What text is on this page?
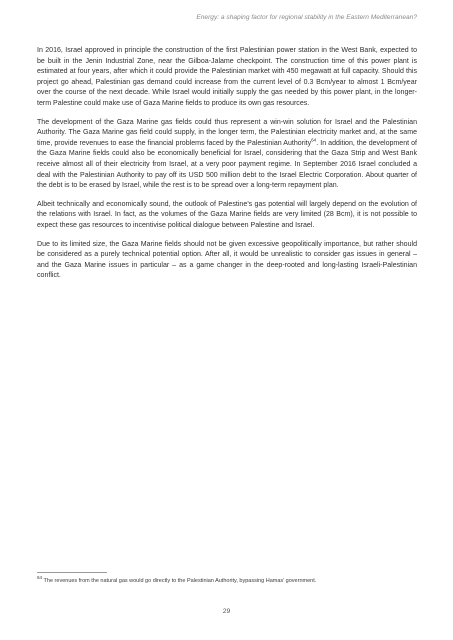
Energy: a shaping factor for regional stability in the Eastern Mediterranean?

In 2016, Israel approved in principle the construction of the first Palestinian power station in the West Bank, expected to be built in the Jenin Industrial Zone, near the Gilboa-Jalame checkpoint. The construction time of this power plant is estimated at four years, after which it could provide the Palestinian market with 450 megawatt at full capacity. Should this project go ahead, Palestinian gas demand could increase from the current level of 0.3 Bcm/year to almost 1 Bcm/year over the course of the next decade. While Israel would initially supply the gas needed by this power plant, in the longer-term Palestine could make use of Gaza Marine fields to produce its own gas resources.

The development of the Gaza Marine gas fields could thus represent a win-win solution for Israel and the Palestinian Authority. The Gaza Marine gas field could supply, in the longer term, the Palestinian electricity market and, at the same time, provide revenues to ease the financial problems faced by the Palestinian Authority$^{64}$. In addition, the development of the Gaza Marine fields could also be economically beneficial for Israel, considering that the Gaza Strip and West Bank receive almost all of their electricity from Israel, at a very poor payment regime. In September 2016 Israel concluded a deal with the Palestinian Authority to pay off its USD 500 million debt to the Israel Electric Corporation. About quarter of the debt is to be erased by Israel, while the rest is to be spread over a long-term repayment plan.

Albeit technically and economically sound, the outlook of Palestine’s gas potential will largely depend on the evolution of the relations with Israel. In fact, as the volumes of the Gaza Marine fields are very limited (28 Bcm), it is not possible to expect these gas resources to incentivise political dialogue between Palestine and Israel.

Due to its limited size, the Gaza Marine fields should not be given excessive geopolitically importance, but rather should be considered as a purely technical potential option. After all, it would be unrealistic to consider gas issues in general – and the Gaza Marine issues in particular – as a game changer in the deep-rooted and long-lasting Israeli-Palestinian conflict.

$^{64}$ The revenues from the natural gas would go directly to the Palestinian Authority, bypassing Hamas’ government.
29
